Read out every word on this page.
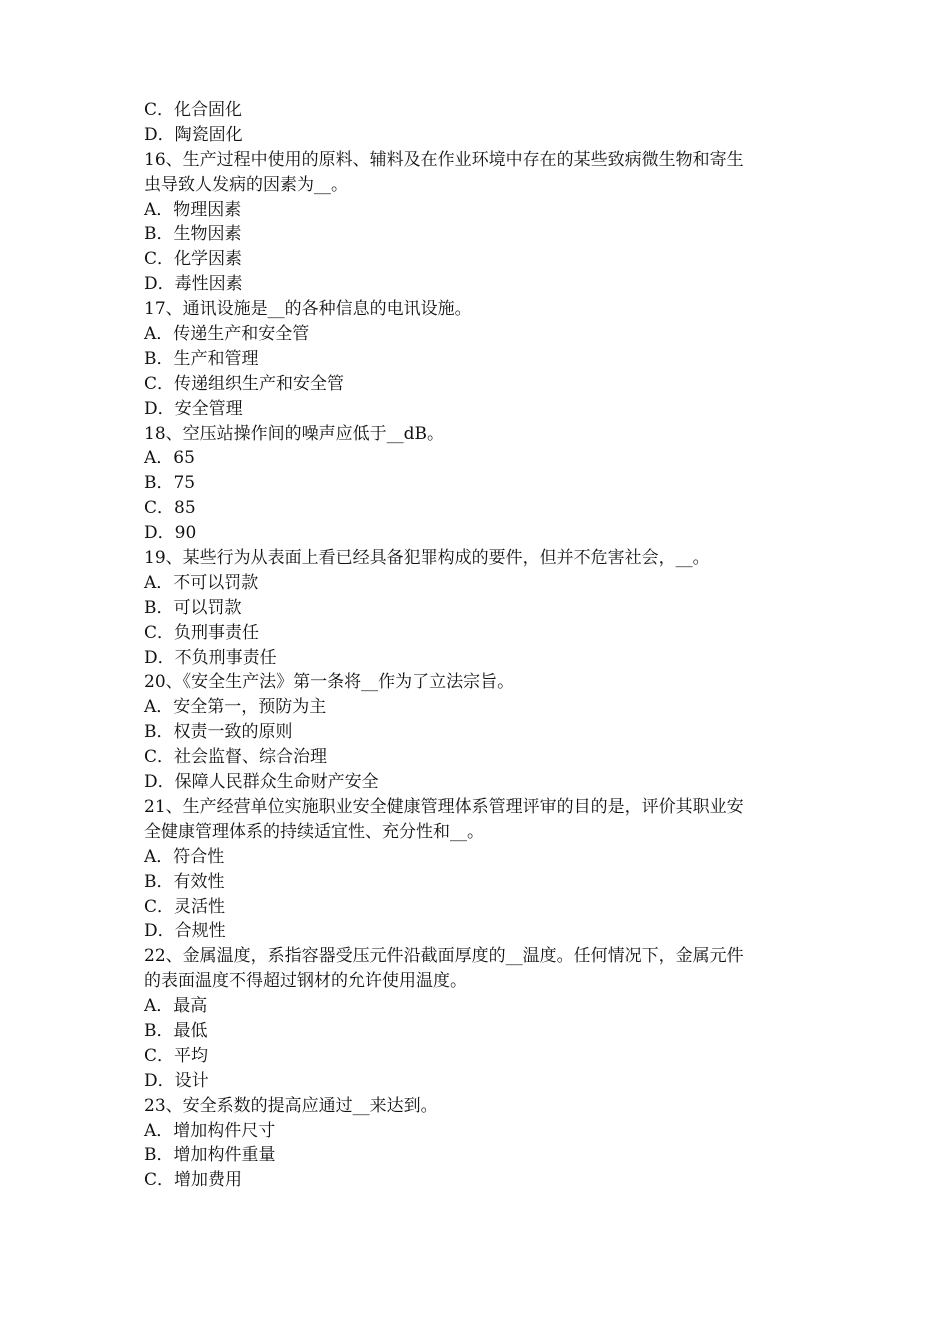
C．化合固化
D．陶瓷固化
16、生产过程中使用的原料、辅料及在作业环境中存在的某些致病微生物和寄生
虫导致人发病的因素为__。
A．物理因素
B．生物因素
C．化学因素
D．毒性因素
17、通讯设施是__的各种信息的电讯设施。
A．传递生产和安全管
B．生产和管理
C．传递组织生产和安全管
D．安全管理
18、空压站操作间的噪声应低于__dB。
A．65
B．75
C．85
D．90
19、某些行为从表面上看已经具备犯罪构成的要件，但并不危害社会，__。
A．不可以罚款
B．可以罚款
C．负刑事责任
D．不负刑事责任
20、《安全生产法》第一条将__作为了立法宗旨。
A．安全第一，预防为主
B．权责一致的原则
C．社会监督、综合治理
D．保障人民群众生命财产安全
21、生产经营单位实施职业安全健康管理体系管理评审的目的是，评价其职业安
全健康管理体系的持续适宜性、充分性和__。
A．符合性
B．有效性
C．灵活性
D．合规性
22、金属温度，系指容器受压元件沿截面厚度的__温度。任何情况下，金属元件
的表面温度不得超过钢材的允许使用温度。
A．最高
B．最低
C．平均
D．设计
23、安全系数的提高应通过__来达到。
A．增加构件尺寸
B．增加构件重量
C．增加费用
